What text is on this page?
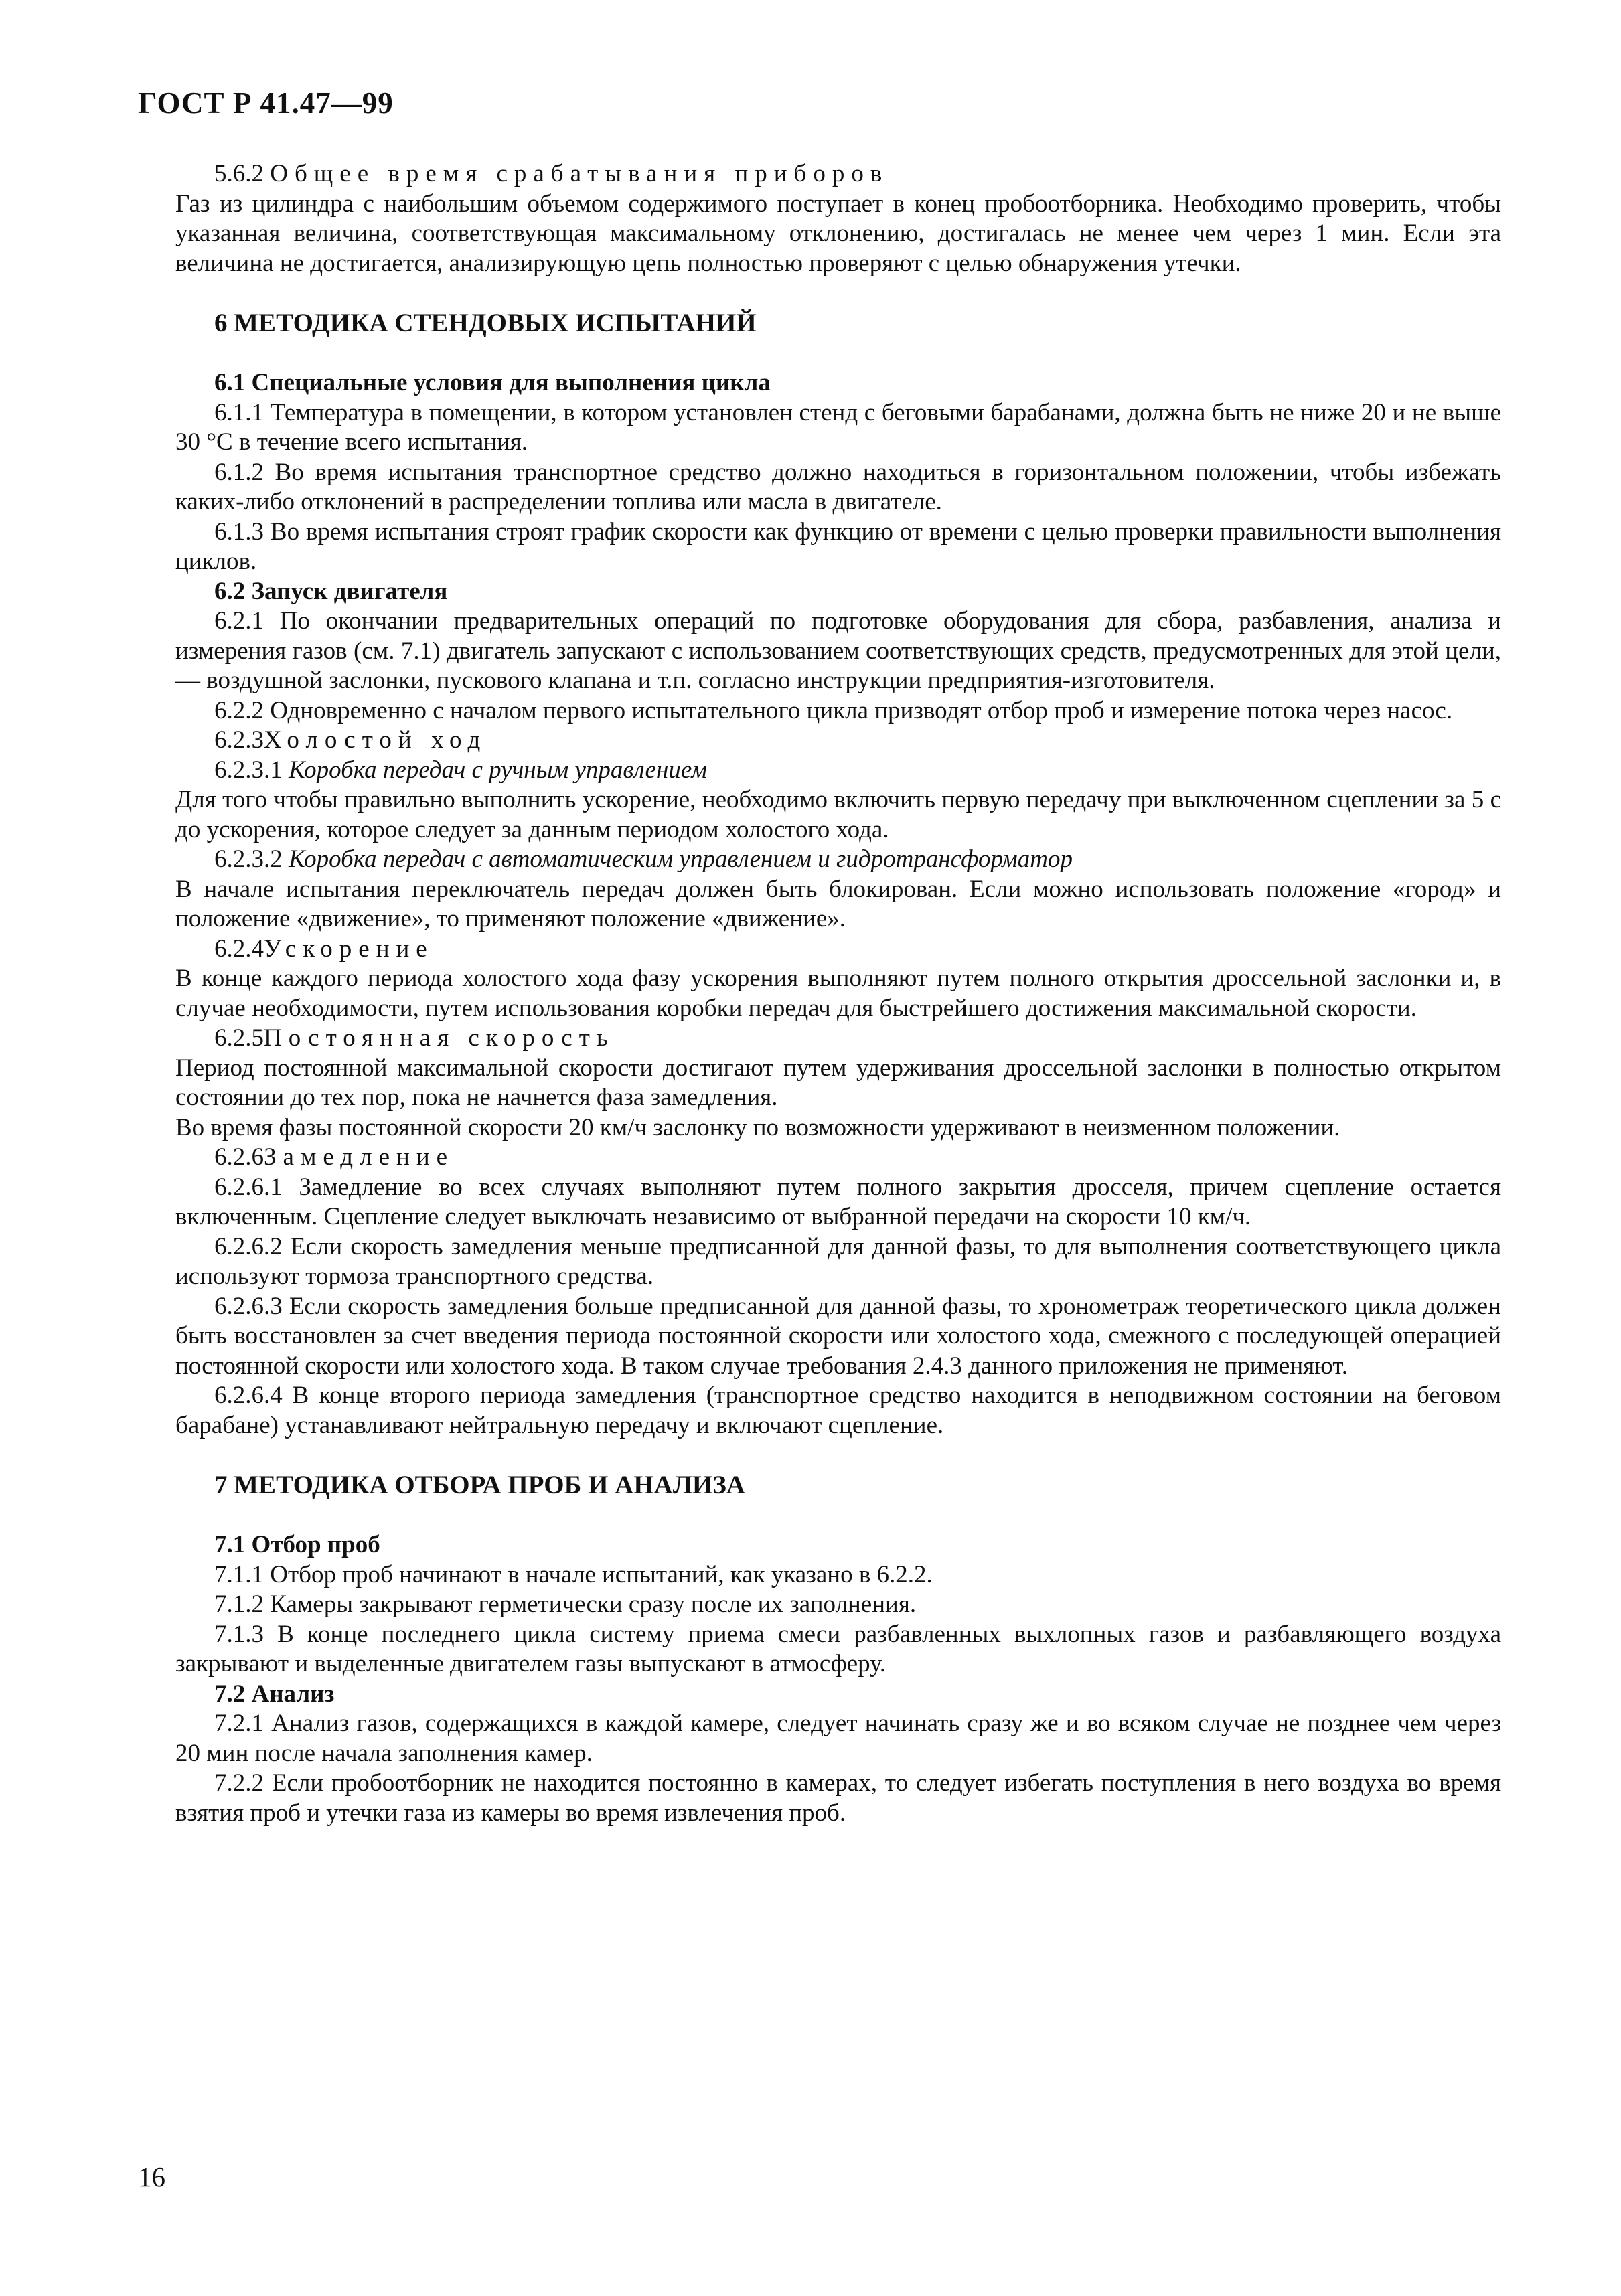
ГОСТ Р 41.47—99

5.6.2 Общее время срабатывания приборов

Газ из цилиндра с наибольшим объемом содержимого поступает в конец пробоотборника. Необходимо проверить, чтобы указанная величина, соответствующая максимальному отклонению, достигалась не менее чем через 1 мин. Если эта величина не достигается, анализирующую цепь полностью проверяют с целью обнаружения утечки.

6 МЕТОДИКА СТЕНДОВЫХ ИСПЫТАНИЙ
6.1 Специальные условия для выполнения цикла

6.1.1 Температура в помещении, в котором установлен стенд с беговыми барабанами, должна быть не ниже 20 и не выше 30 °С в течение всего испытания.

6.1.2 Во время испытания транспортное средство должно находиться в горизонтальном положении, чтобы избежать каких-либо отклонений в распределении топлива или масла в двигателе.

6.1.3 Во время испытания строят график скорости как функцию от времени с целью проверки правильности выполнения циклов.

6.2 Запуск двигателя

6.2.1 По окончании предварительных операций по подготовке оборудования для сбора, разбавления, анализа и измерения газов (см. 7.1) двигатель запускают с использованием соответствующих средств, предусмотренных для этой цели, — воздушной заслонки, пускового клапана и т.п. согласно инструкции предприятия-изготовителя.

6.2.2 Одновременно с началом первого испытательного цикла призводят отбор проб и измерение потока через насос.

6.2.3Холостой ход

6.2.3.1 Коробка передач с ручным управлением

Для того чтобы правильно выполнить ускорение, необходимо включить первую передачу при выключенном сцеплении за 5 с до ускорения, которое следует за данным периодом холостого хода.

6.2.3.2 Коробка передач с автоматическим управлением и гидротрансформатор

В начале испытания переключатель передач должен быть блокирован. Если можно использовать положение «город» и положение «движение», то применяют положение «движение».

6.2.4Ускорение

В конце каждого периода холостого хода фазу ускорения выполняют путем полного открытия дроссельной заслонки и, в случае необходимости, путем использования коробки передач для быстрейшего достижения максимальной скорости.

6.2.5Постоянная скорость

Период постоянной максимальной скорости достигают путем удерживания дроссельной заслонки в полностью открытом состоянии до тех пор, пока не начнется фаза замедления.

Во время фазы постоянной скорости 20 км/ч заслонку по возможности удерживают в неизменном положении.

6.2.6Замедление

6.2.6.1 Замедление во всех случаях выполняют путем полного закрытия дросселя, причем сцепление остается включенным. Сцепление следует выключать независимо от выбранной передачи на скорости 10 км/ч.

6.2.6.2 Если скорость замедления меньше предписанной для данной фазы, то для выполнения соответствующего цикла используют тормоза транспортного средства.

6.2.6.3 Если скорость замедления больше предписанной для данной фазы, то хронометраж теоретического цикла должен быть восстановлен за счет введения периода постоянной скорости или холостого хода, смежного с последующей операцией постоянной скорости или холостого хода. В таком случае требования 2.4.3 данного приложения не применяют.

6.2.6.4 В конце второго периода замедления (транспортное средство находится в неподвижном состоянии на беговом барабане) устанавливают нейтральную передачу и включают сцепление.

7 МЕТОДИКА ОТБОРА ПРОБ И АНАЛИЗА
7.1 Отбор проб

7.1.1 Отбор проб начинают в начале испытаний, как указано в 6.2.2.

7.1.2 Камеры закрывают герметически сразу после их заполнения.

7.1.3 В конце последнего цикла систему приема смеси разбавленных выхлопных газов и разбавляющего воздуха закрывают и выделенные двигателем газы выпускают в атмосферу.

7.2 Анализ

7.2.1 Анализ газов, содержащихся в каждой камере, следует начинать сразу же и во всяком случае не позднее чем через 20 мин после начала заполнения камер.

7.2.2 Если пробоотборник не находится постоянно в камерах, то следует избегать поступления в него воздуха во время взятия проб и утечки газа из камеры во время извлечения проб.

16
